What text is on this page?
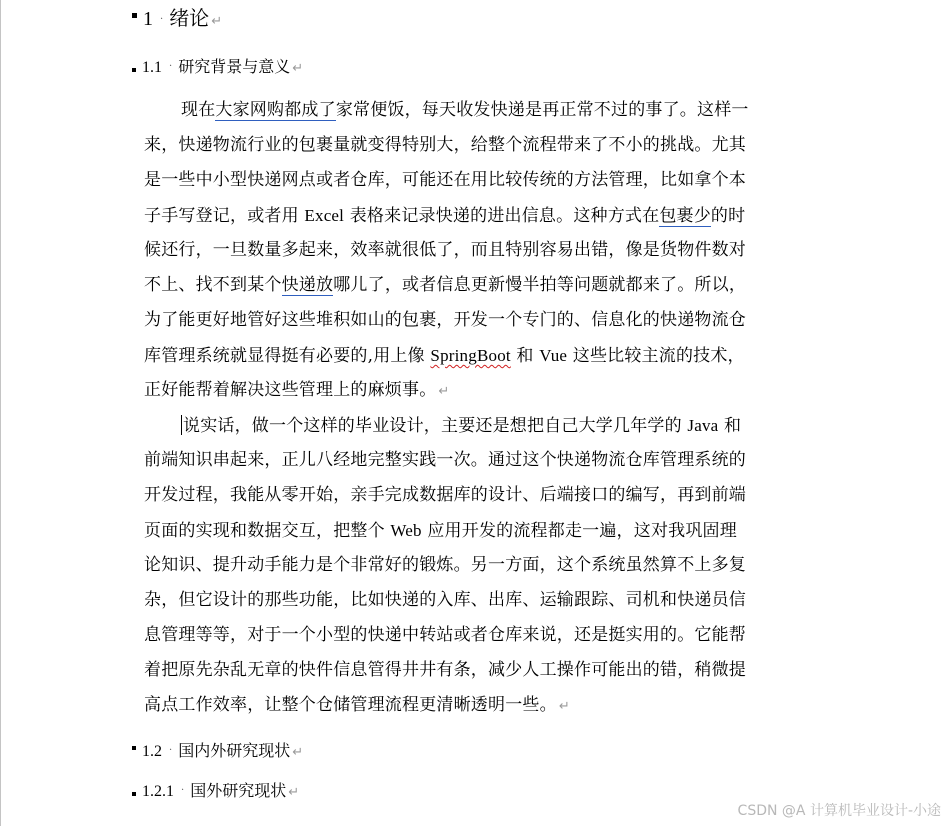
1 · 绪论 ↵
1.1 · 研究背景与意义 ↵
现在大家网购都成了家常便饭，每天收发快递是再正常不过的事了。这样一
来，快递物流行业的包裹量就变得特别大，给整个流程带来了不小的挑战。尤其
是一些中小型快递网点或者仓库，可能还在用比较传统的方法管理，比如拿个本
子手写登记，或者用 Excel 表格来记录快递的进出信息。这种方式在包裹少的时
候还行，一旦数量多起来，效率就很低了，而且特别容易出错，像是货物件数对
不上、找不到某个快递放哪儿了，或者信息更新慢半拍等问题就都来了。所以，
为了能更好地管好这些堆积如山的包裹，开发一个专门的、信息化的快递物流仓
库管理系统就显得挺有必要的,用上像 SpringBoot 和 Vue 这些比较主流的技术，
正好能帮着解决这些管理上的麻烦事。 ↵
说实话，做一个这样的毕业设计，主要还是想把自己大学几年学的 Java 和
前端知识串起来，正儿八经地完整实践一次。通过这个快递物流仓库管理系统的
开发过程，我能从零开始，亲手完成数据库的设计、后端接口的编写，再到前端
页面的实现和数据交互，把整个 Web 应用开发的流程都走一遍，这对我巩固理
论知识、提升动手能力是个非常好的锻炼。另一方面，这个系统虽然算不上多复
杂，但它设计的那些功能，比如快递的入库、出库、运输跟踪、司机和快递员信
息管理等等，对于一个小型的快递中转站或者仓库来说，还是挺实用的。它能帮
着把原先杂乱无章的快件信息管得井井有条，减少人工操作可能出的错，稍微提
高点工作效率，让整个仓储管理流程更清晰透明一些。 ↵
1.2 · 国内外研究现状 ↵
1.2.1 · 国外研究现状 ↵
CSDN @A 计算机毕业设计-小途
